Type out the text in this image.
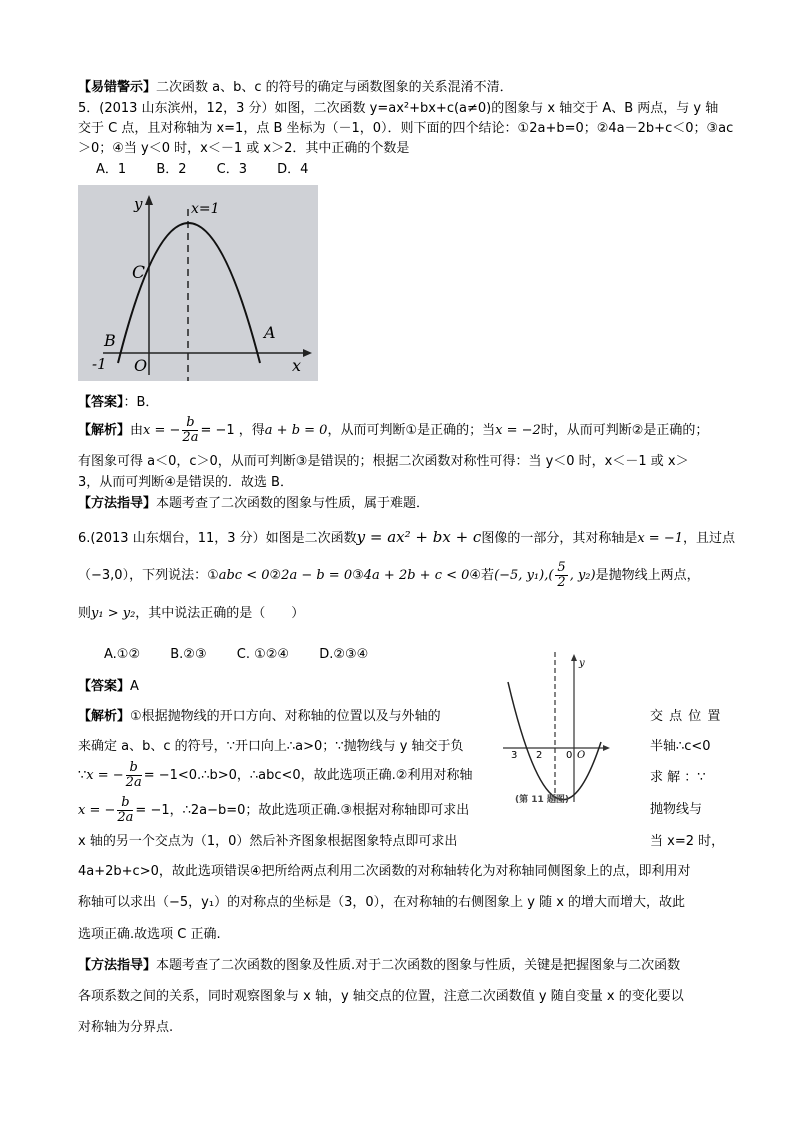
【易错警示】二次函数 a、b、c 的符号的确定与函数图象的关系混淆不清．
5．(2013 山东滨州，12，3 分）如图，二次函数 y=ax²+bx+c(a≠0)的图象与 x 轴交于 A、B 两点，与 y 轴
交于 C 点，且对称轴为 x=1，点 B 坐标为（－1，0）．则下面的四个结论：①2a+b=0；②4a－2b+c＜0；③ac
＞0；④当 y＜0 时，x＜－1 或 x＞2．其中正确的个数是
A．1 B．2 C．3 D．4
y	x=1
C
B	A
-1 O	x
【答案】：B．
【解析】由x = − $\frac{b}{2a} = -1$ ，得a + b = 0，从而可判断①是正确的；当x = −2时，从而可判断②是正确的；
有图象可得 a＜0，c＞0，从而可判断③是错误的；根据二次函数对称性可得：当 y＜0 时，x＜－1 或 x＞
3，从而可判断④是错误的．故选 B．
【方法指导】本题考查了二次函数的图象与性质，属于难题．
6.(2013 山东烟台，11，3 分）如图是二次函数y = ax² + bx + c图像的一部分，其对称轴是x = −1，且过点
（−3,0），下列说法：①abc < 0②2a − b = 0③4a + 2b + c < 0④若(−5, $y_1),( \frac{5}{2}$ , y₂)是抛物线上两点，
则y₁ > y₂，其中说法正确的是（　　）
A.①② B.②③ C. ①②④ D.②③④
【答案】A
【解析】①根据抛物线的开口方向、对称轴的位置以及与外轴的
来确定 a、b、c 的符号，∵开口向上∴a>0；∵抛物线与 y 轴交于负
∵x = − $\frac{b}{2a}$ = −1<0.∴b>0，∴abc<0，故此选项正确.②利用对称轴
x = − $\frac{b}{2a} = -1$，∴2a−b=0；故此选项正确.③根据对称轴即可求出
x 轴的另一个交点为（1，0）然后补齐图象根据图象特点即可求出
交 点 位 置
半轴∴c<0
求 解 ：∵
抛物线与
当 x=2 时，
y
3 2 0 O
(第 11 题图)
4a+2b+c>0，故此选项错误④把所给两点利用二次函数的对称轴转化为对称轴同侧图象上的点，即利用对
称轴可以求出（−5，y₁）的对称点的坐标是（3，0），在对称轴的右侧图象上 y 随 x 的增大而增大，故此
选项正确.故选项 C 正确.
【方法指导】本题考查了二次函数的图象及性质.对于二次函数的图象与性质，关键是把握图象与二次函数
各项系数之间的关系，同时观察图象与 x 轴，y 轴交点的位置，注意二次函数值 y 随自变量 x 的变化要以
对称轴为分界点.
